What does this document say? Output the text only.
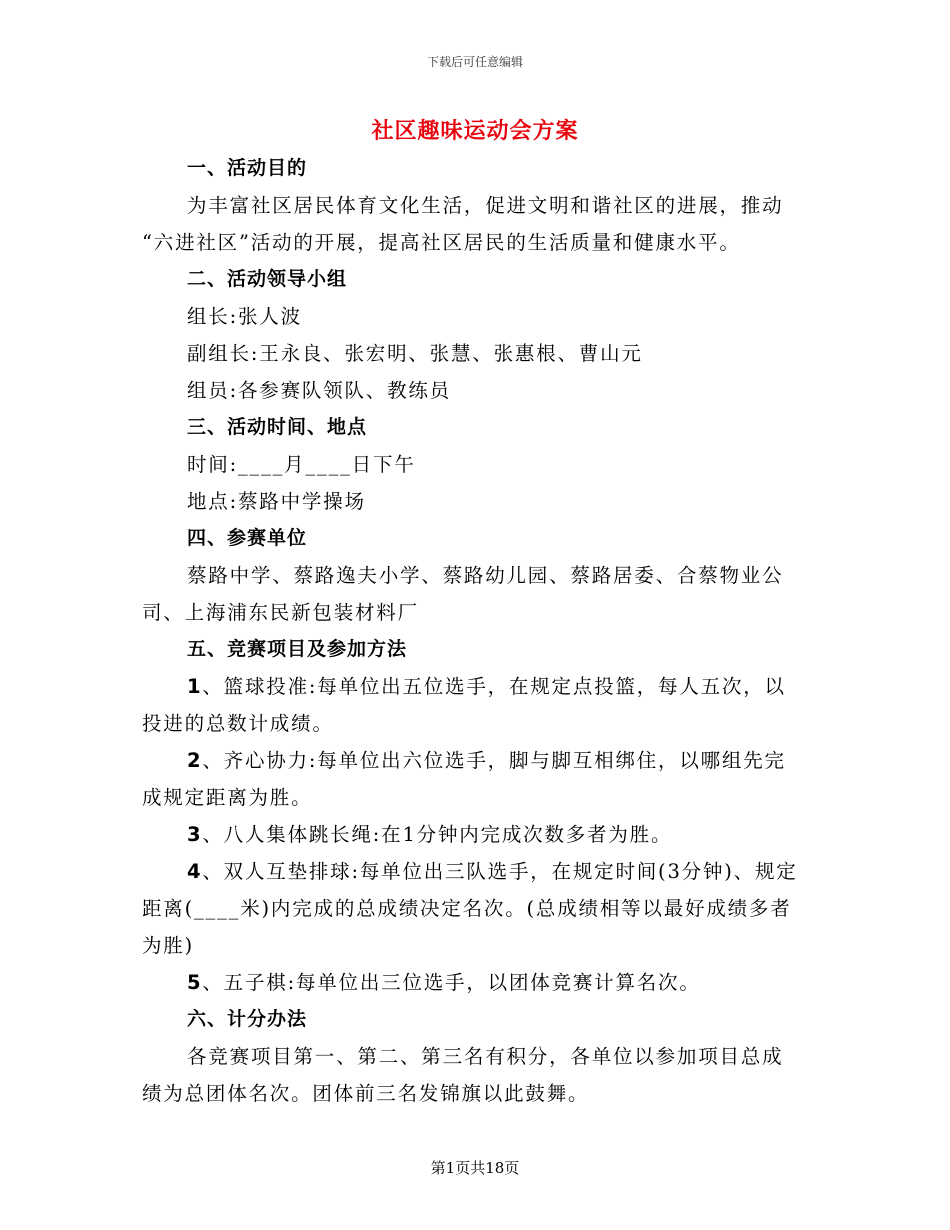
下载后可任意编辑
社区趣味运动会方案
一、活动目的
为丰富社区居民体育文化生活，促进文明和谐社区的进展，推动
“六进社区”活动的开展，提高社区居民的生活质量和健康水平。
二、活动领导小组
组长:张人波
副组长:王永良、张宏明、张慧、张惠根、曹山元
组员:各参赛队领队、教练员
三、活动时间、地点
时间:____月____日下午
地点:蔡路中学操场
四、参赛单位
蔡路中学、蔡路逸夫小学、蔡路幼儿园、蔡路居委、合蔡物业公
司、上海浦东民新包装材料厂
五、竞赛项目及参加方法
1、篮球投准:每单位出五位选手，在规定点投篮，每人五次，以
投进的总数计成绩。
2、齐心协力:每单位出六位选手，脚与脚互相绑住，以哪组先完
成规定距离为胜。
3、八人集体跳长绳:在1分钟内完成次数多者为胜。
4、双人互垫排球:每单位出三队选手，在规定时间(3分钟)、规定
距离(____米)内完成的总成绩决定名次。(总成绩相等以最好成绩多者
为胜)
5、五子棋:每单位出三位选手，以团体竞赛计算名次。
六、计分办法
各竞赛项目第一、第二、第三名有积分，各单位以参加项目总成
绩为总团体名次。团体前三名发锦旗以此鼓舞。
第1页共18页
